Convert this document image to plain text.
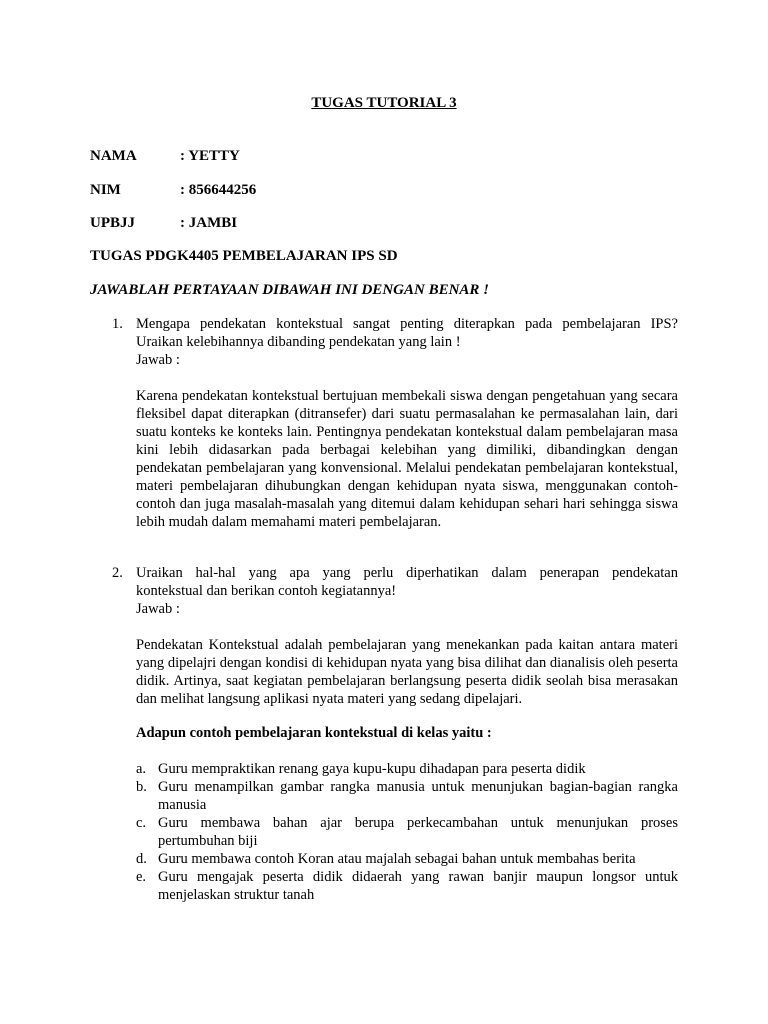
TUGAS TUTORIAL 3
NAMA	: YETTY
NIM	: 856644256
UPBJJ	: JAMBI
TUGAS PDGK4405 PEMBELAJARAN IPS SD
JAWABLAH PERTAYAAN DIBAWAH INI DENGAN BENAR !
1. Mengapa pendekatan kontekstual sangat penting diterapkan pada pembelajaran IPS?

Uraikan kelebihannya dibanding pendekatan yang lain !

Jawab :

Karena pendekatan kontekstual bertujuan membekali siswa dengan pengetahuan yang secara fleksibel dapat diterapkan (ditransefer) dari suatu permasalahan ke permasalahan lain, dari suatu konteks ke konteks lain. Pentingnya pendekatan kontekstual dalam pembelajaran masa kini lebih didasarkan pada berbagai kelebihan yang dimiliki, dibandingkan dengan pendekatan pembelajaran yang konvensional. Melalui pendekatan pembelajaran kontekstual, materi pembelajaran dihubungkan dengan kehidupan nyata siswa, menggunakan contoh-contoh dan juga masalah-masalah yang ditemui dalam kehidupan sehari hari sehingga siswa lebih mudah dalam memahami materi pembelajaran.

2. Uraikan hal-hal yang apa yang perlu diperhatikan dalam penerapan pendekatan

kontekstual dan berikan contoh kegiatannya!

Jawab :

Pendekatan Kontekstual adalah pembelajaran yang menekankan pada kaitan antara materi yang dipelajri dengan kondisi di kehidupan nyata yang bisa dilihat dan dianalisis oleh peserta didik. Artinya, saat kegiatan pembelajaran berlangsung peserta didik seolah bisa merasakan dan melihat langsung aplikasi nyata materi yang sedang dipelajari.

Adapun contoh pembelajaran kontekstual di kelas yaitu :
a. Guru mempraktikan renang gaya kupu-kupu dihadapan para peserta didik

b. Guru menampilkan gambar rangka manusia untuk menunjukan bagian-bagian rangka manusia

c. Guru membawa bahan ajar berupa perkecambahan untuk menunjukan proses pertumbuhan biji

d. Guru membawa contoh Koran atau majalah sebagai bahan untuk membahas berita

e. Guru mengajak peserta didik didaerah yang rawan banjir maupun longsor untuk menjelaskan struktur tanah
